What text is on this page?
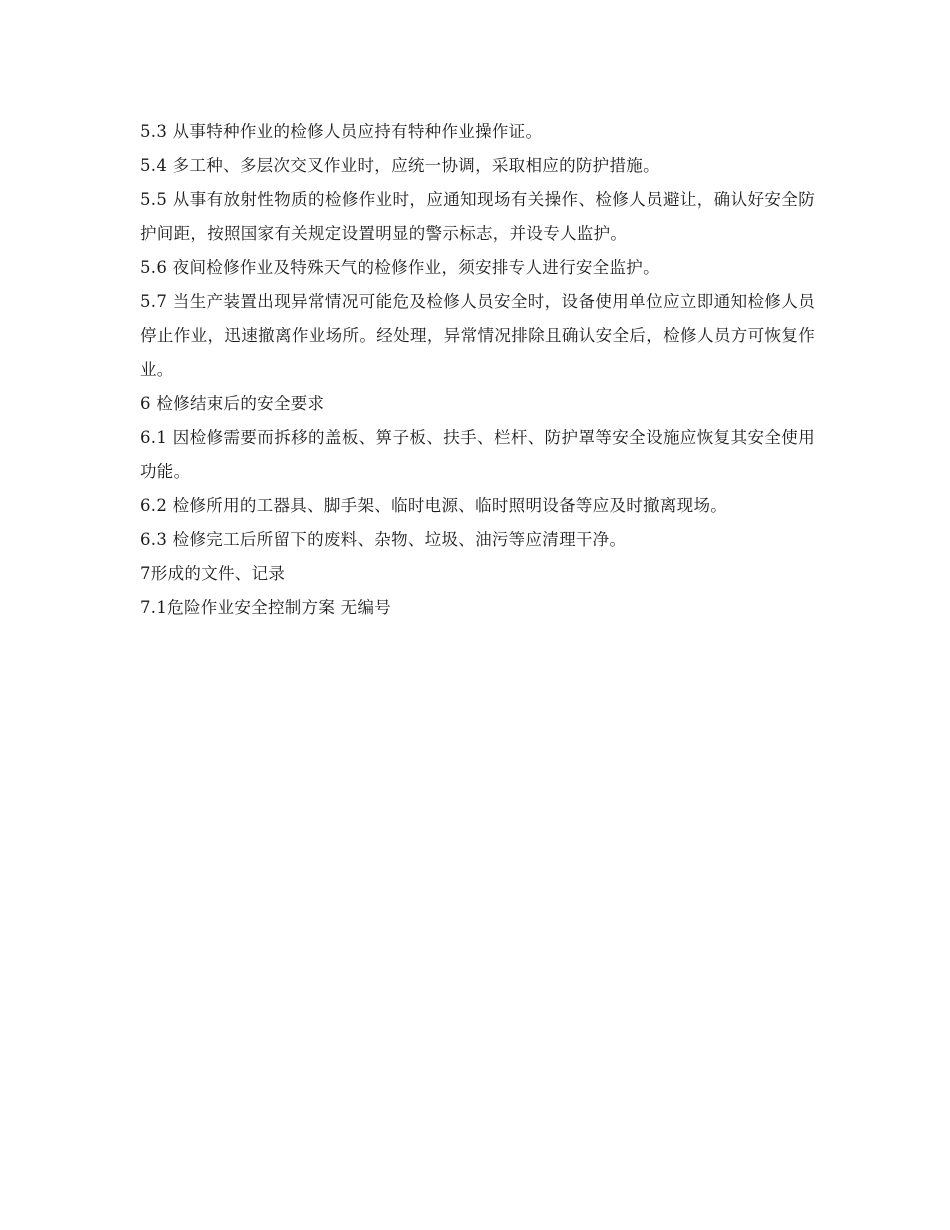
5.3 从事特种作业的检修人员应持有特种作业操作证。

5.4 多工种、多层次交叉作业时，应统一协调，采取相应的防护措施。

5.5 从事有放射性物质的检修作业时，应通知现场有关操作、检修人员避让，确认好安全防护间距，按照国家有关规定设置明显的警示标志，并设专人监护。

5.6 夜间检修作业及特殊天气的检修作业，须安排专人进行安全监护。

5.7 当生产装置出现异常情况可能危及检修人员安全时，设备使用单位应立即通知检修人员停止作业，迅速撤离作业场所。经处理，异常情况排除且确认安全后，检修人员方可恢复作业。

6 检修结束后的安全要求

6.1 因检修需要而拆移的盖板、箅子板、扶手、栏杆、防护罩等安全设施应恢复其安全使用功能。

6.2 检修所用的工器具、脚手架、临时电源、临时照明设备等应及时撤离现场。

6.3 检修完工后所留下的废料、杂物、垃圾、油污等应清理干净。

7形成的文件、记录

7.1危险作业安全控制方案 无编号
